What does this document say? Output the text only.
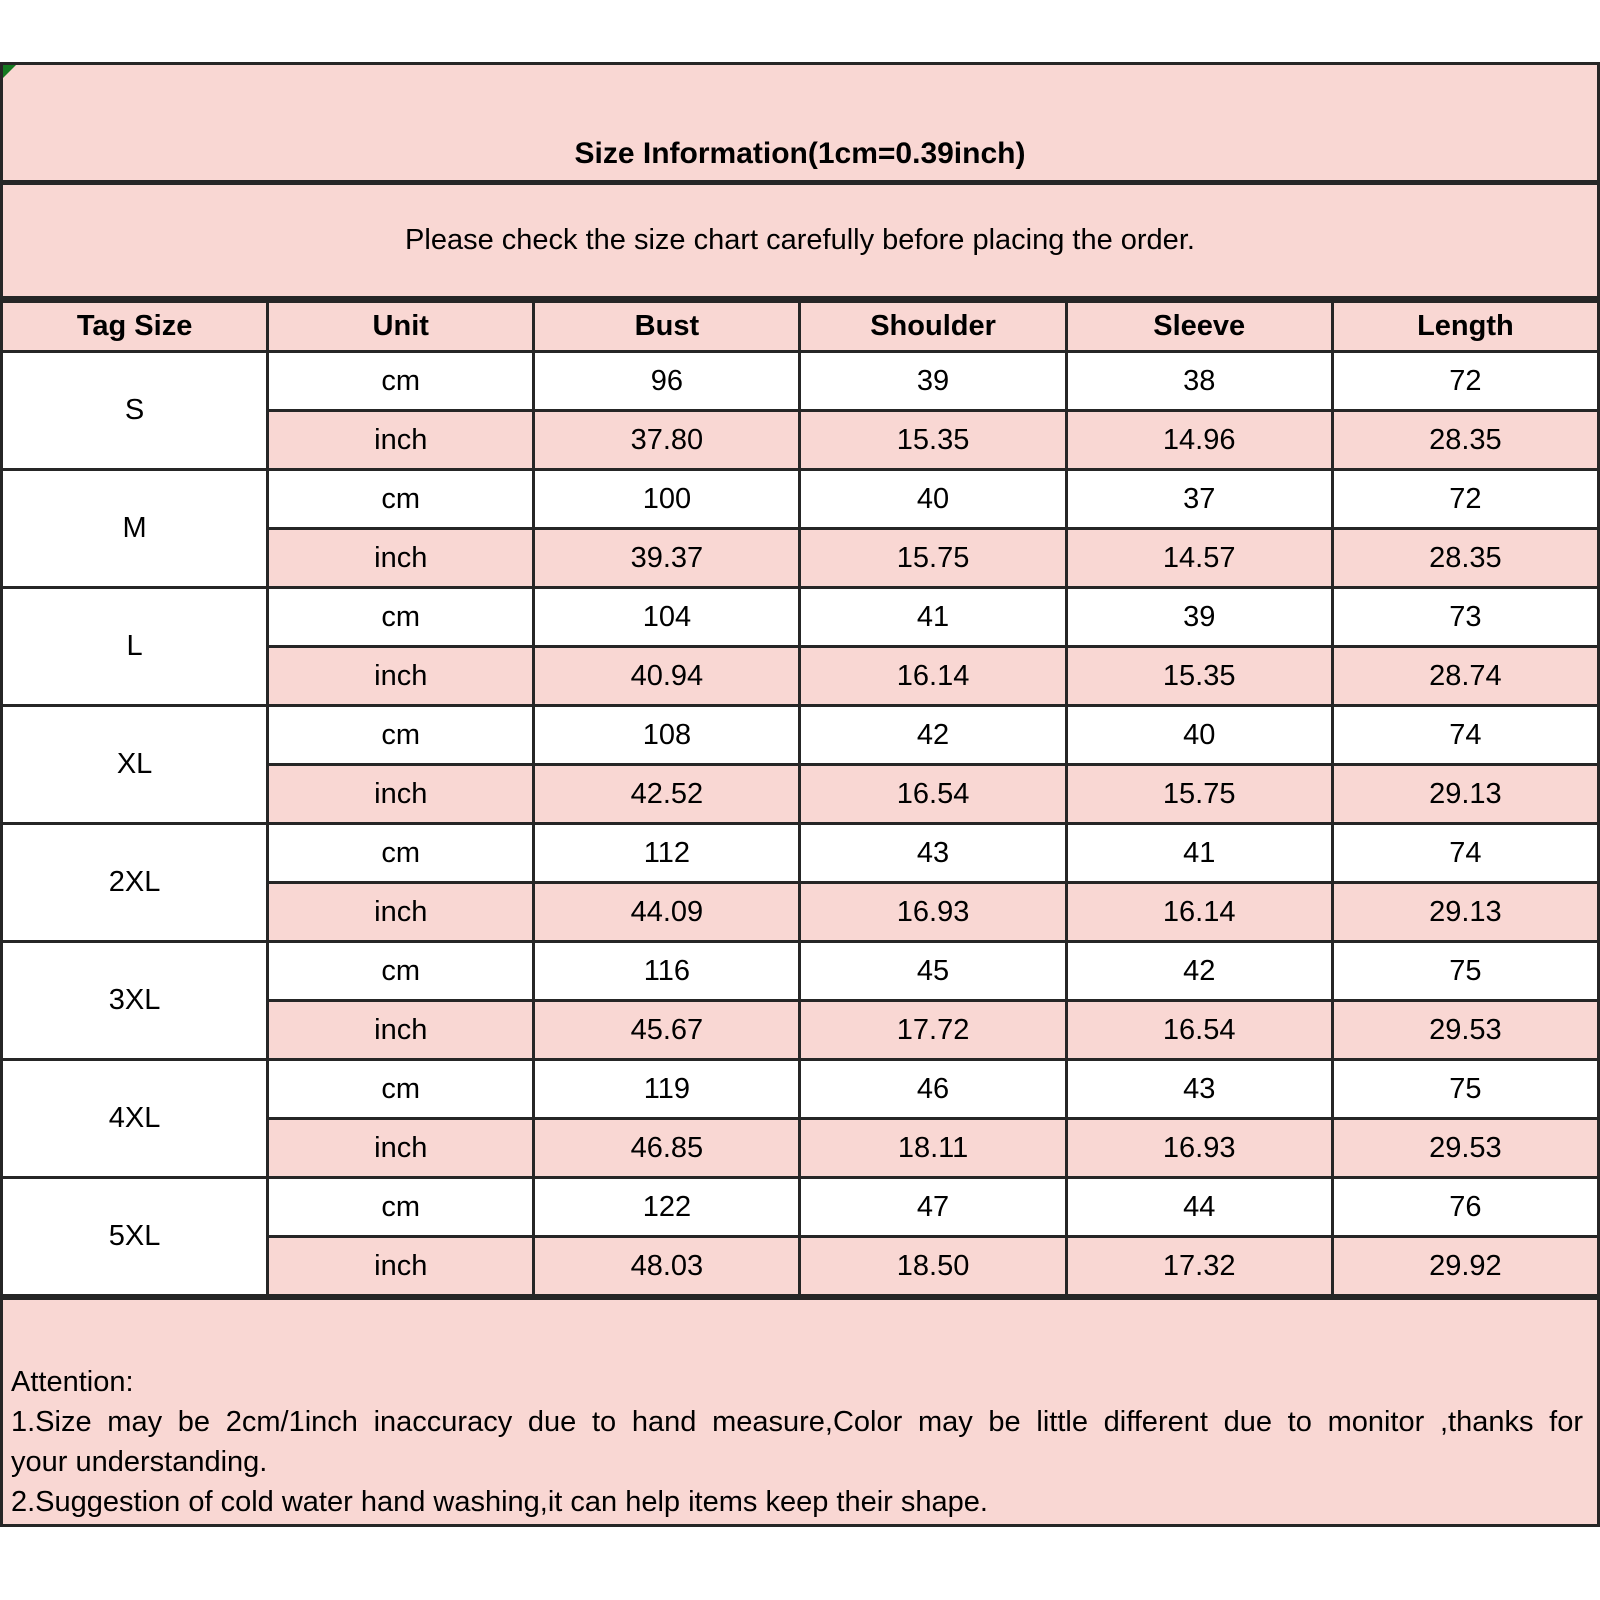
Size Information(1cm=0.39inch)
Please check the size chart carefully before placing the order.
Tag Size	Unit	Bust	Shoulder	Sleeve	Length
S	cm	96	39	38	72
	inch	37.80	15.35	14.96	28.35
M	cm	100	40	37	72
	inch	39.37	15.75	14.57	28.35
L	cm	104	41	39	73
	inch	40.94	16.14	15.35	28.74
XL	cm	108	42	40	74
	inch	42.52	16.54	15.75	29.13
2XL	cm	112	43	41	74
	inch	44.09	16.93	16.14	29.13
3XL	cm	116	45	42	75
	inch	45.67	17.72	16.54	29.53
4XL	cm	119	46	43	75
	inch	46.85	18.11	16.93	29.53
5XL	cm	122	47	44	76
	inch	48.03	18.50	17.32	29.92
Attention:
1.Size may be 2cm/1inch inaccuracy due to hand measure,Color may be little different due to monitor ,thanks for
your understanding.
2.Suggestion of cold water hand washing,it can help items keep their shape.
